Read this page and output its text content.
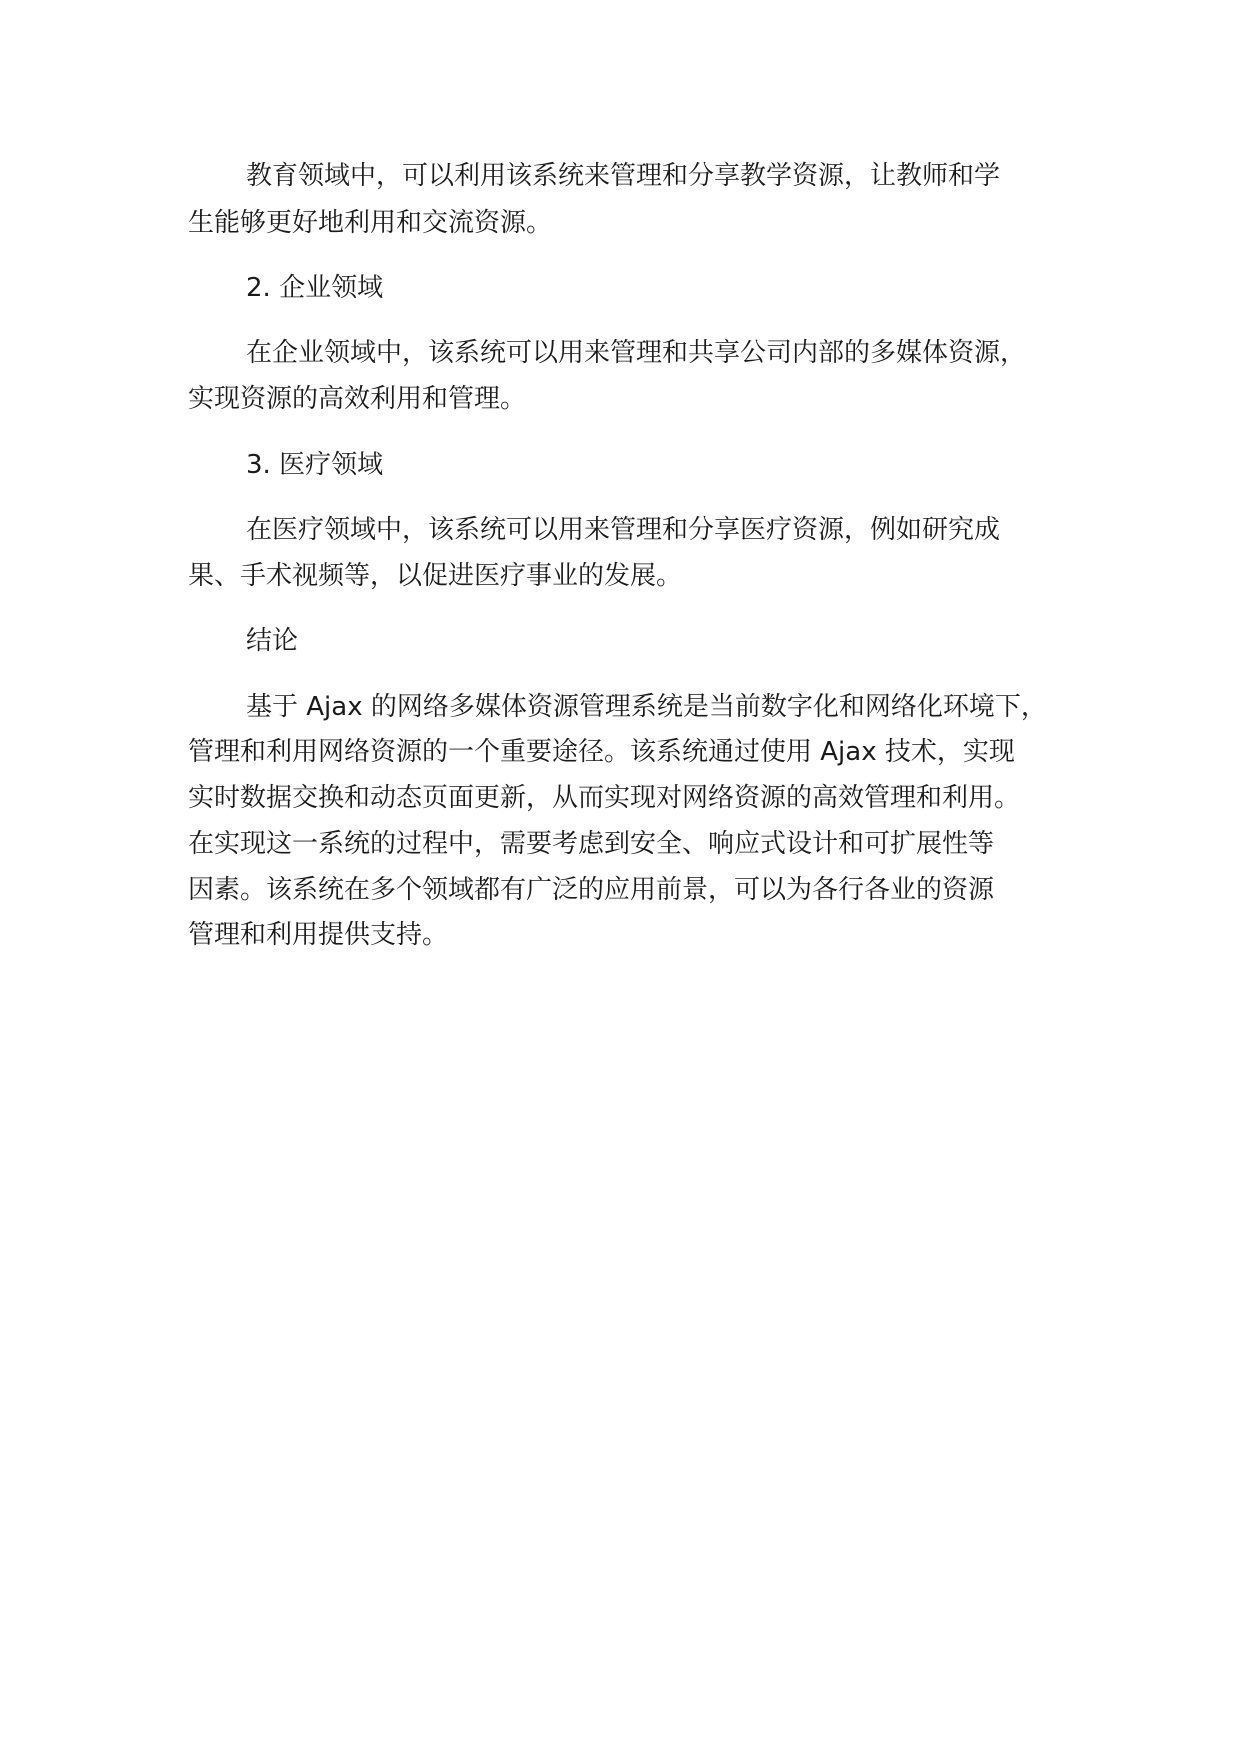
教育领域中，可以利用该系统来管理和分享教学资源，让教师和学
生能够更好地利用和交流资源。
2. 企业领域
在企业领域中，该系统可以用来管理和共享公司内部的多媒体资源，
实现资源的高效利用和管理。
3. 医疗领域
在医疗领域中，该系统可以用来管理和分享医疗资源，例如研究成
果、手术视频等，以促进医疗事业的发展。
结论
基于 Ajax 的网络多媒体资源管理系统是当前数字化和网络化环境下，
管理和利用网络资源的一个重要途径。该系统通过使用 Ajax 技术，实现
实时数据交换和动态页面更新，从而实现对网络资源的高效管理和利用。
在实现这一系统的过程中，需要考虑到安全、响应式设计和可扩展性等
因素。该系统在多个领域都有广泛的应用前景，可以为各行各业的资源
管理和利用提供支持。
